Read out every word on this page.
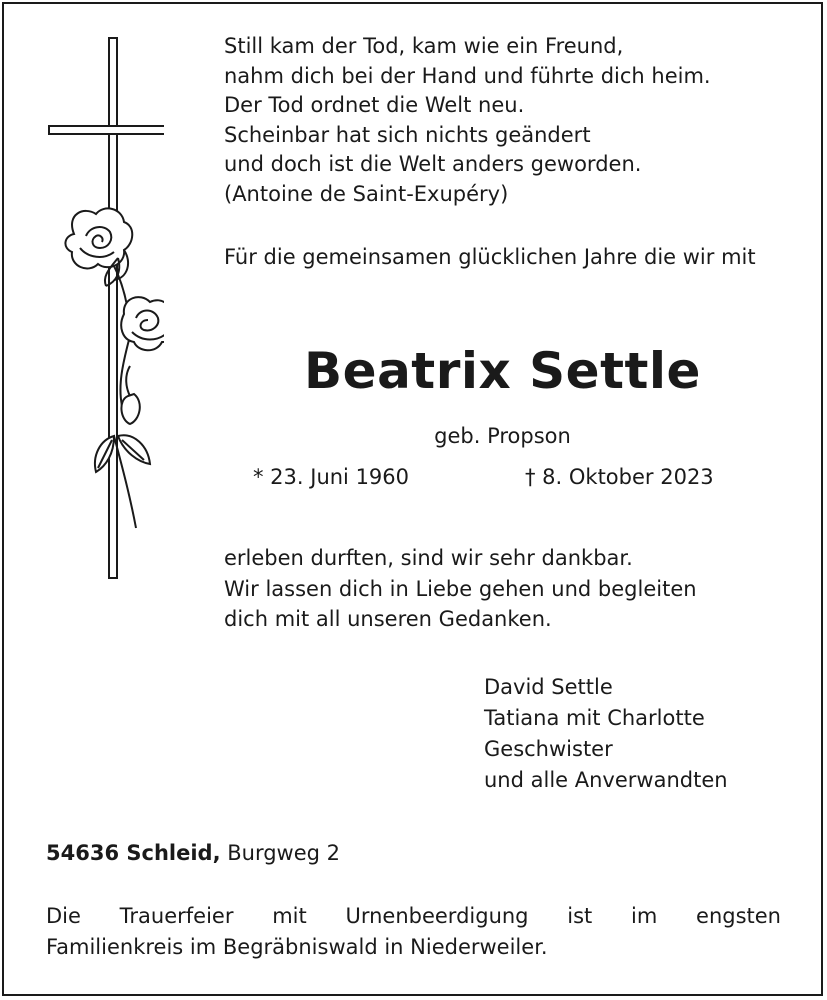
Still kam der Tod, kam wie ein Freund,
nahm dich bei der Hand und führte dich heim.
Der Tod ordnet die Welt neu.
Scheinbar hat sich nichts geändert
und doch ist die Welt anders geworden.
(Antoine de Saint-Exupéry)
Für die gemeinsamen glücklichen Jahre die wir mit
Beatrix Settle
geb. Propson
* 23. Juni 1960	† 8. Oktober 2023
erleben durften, sind wir sehr dankbar.
Wir lassen dich in Liebe gehen und begleiten
dich mit all unseren Gedanken.
David Settle
Tatiana mit Charlotte
Geschwister
und alle Anverwandten
54636 Schleid, Burgweg 2
Die Trauerfeier mit Urnenbeerdigung ist im engsten
Familienkreis im Begräbniswald in Niederweiler.
